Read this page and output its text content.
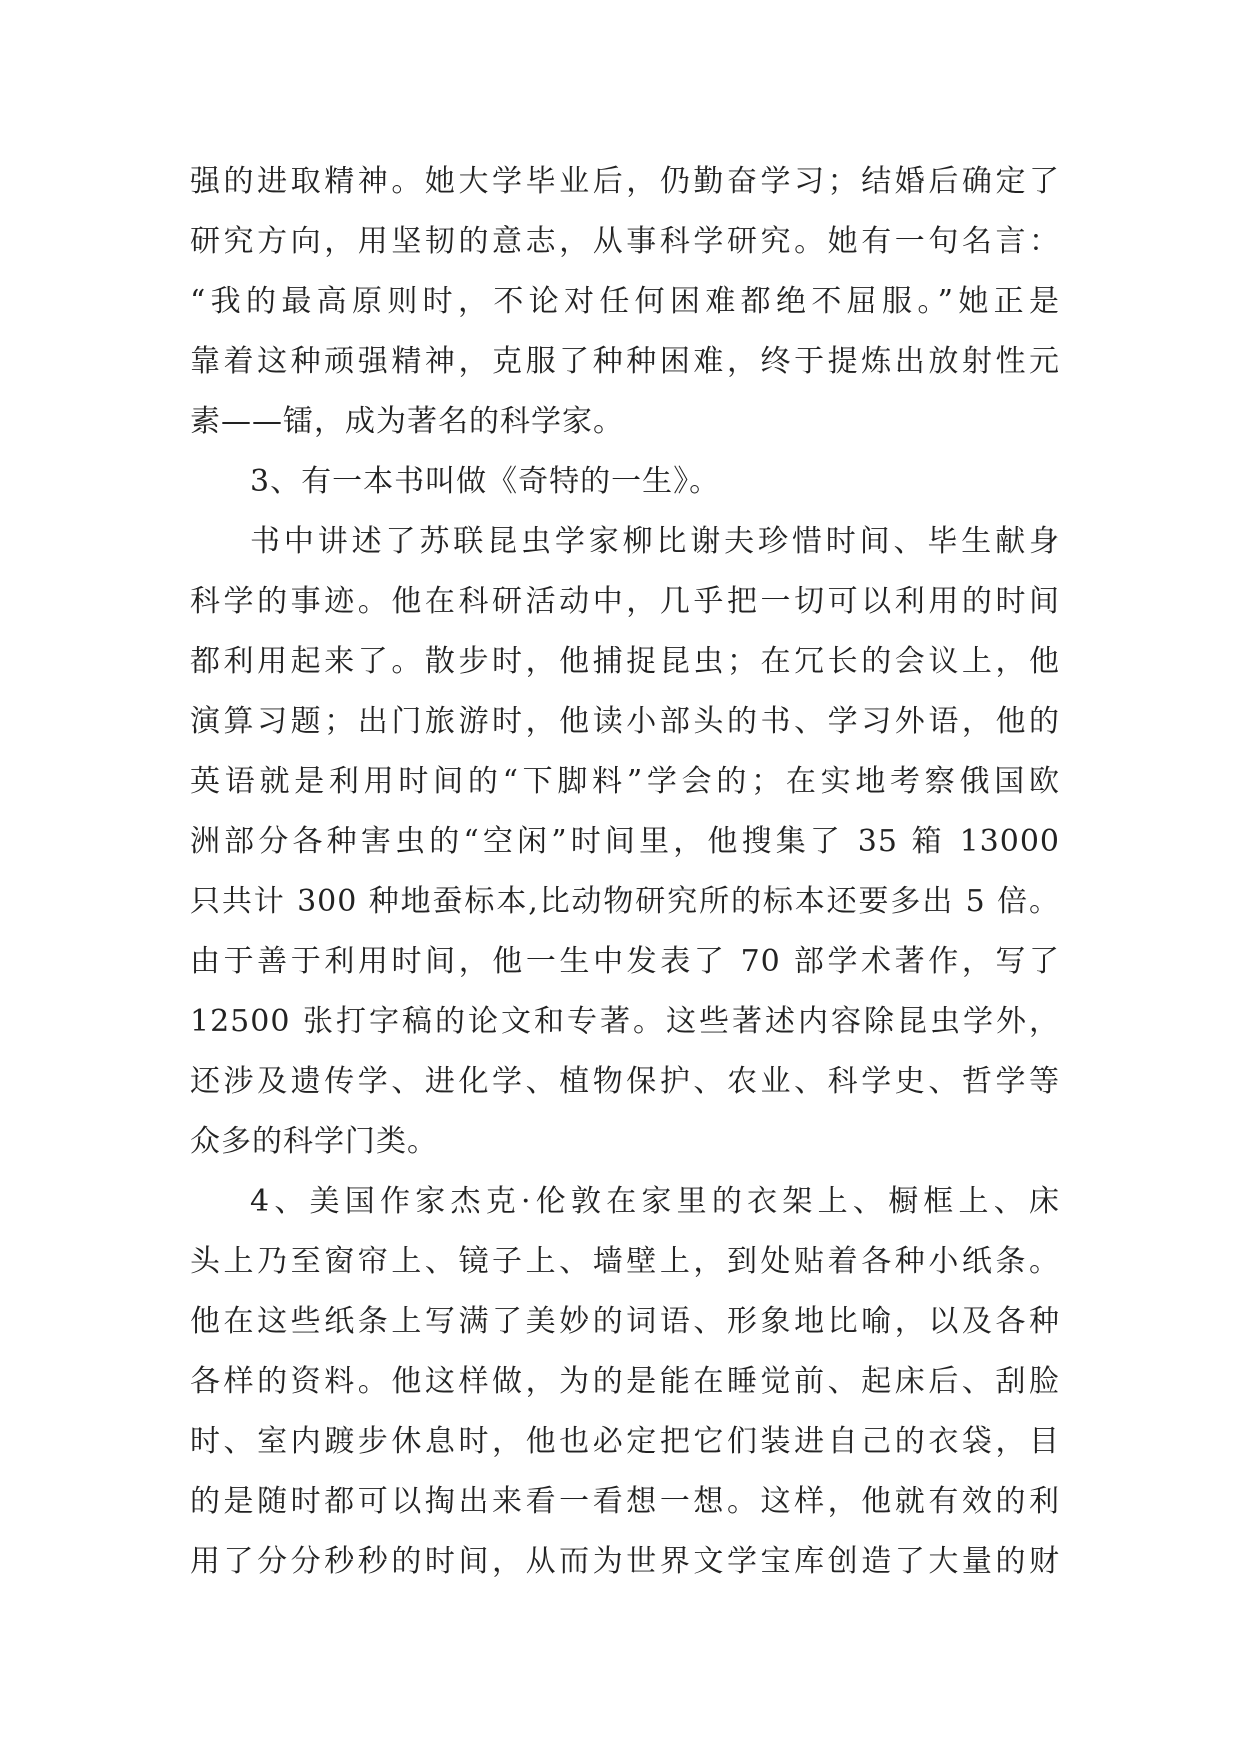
强的进取精神。她大学毕业后，仍勤奋学习；结婚后确定了
研究方向，用坚韧的意志，从事科学研究。她有一句名言：
“我的最高原则时，不论对任何困难都绝不屈服。”她正是
靠着这种顽强精神，克服了种种困难，终于提炼出放射性元
素——镭，成为著名的科学家。
3、有一本书叫做《奇特的一生》。
书中讲述了苏联昆虫学家柳比谢夫珍惜时间、毕生献身
科学的事迹。他在科研活动中，几乎把一切可以利用的时间
都利用起来了。散步时，他捕捉昆虫；在冗长的会议上，他
演算习题；出门旅游时，他读小部头的书、学习外语，他的
英语就是利用时间的“下脚料”学会的；在实地考察俄国欧
洲部分各种害虫的“空闲”时间里，他搜集了 35 箱 13000
只共计 300 种地蚕标本,比动物研究所的标本还要多出 5 倍。
由于善于利用时间，他一生中发表了 70 部学术著作，写了
12500 张打字稿的论文和专著。这些著述内容除昆虫学外，
还涉及遗传学、进化学、植物保护、农业、科学史、哲学等
众多的科学门类。
4、美国作家杰克·伦敦在家里的衣架上、橱框上、床
头上乃至窗帘上、镜子上、墙壁上，到处贴着各种小纸条。
他在这些纸条上写满了美妙的词语、形象地比喻，以及各种
各样的资料。他这样做，为的是能在睡觉前、起床后、刮脸
时、室内踱步休息时，他也必定把它们装进自己的衣袋，目
的是随时都可以掏出来看一看想一想。这样，他就有效的利
用了分分秒秒的时间，从而为世界文学宝库创造了大量的财
